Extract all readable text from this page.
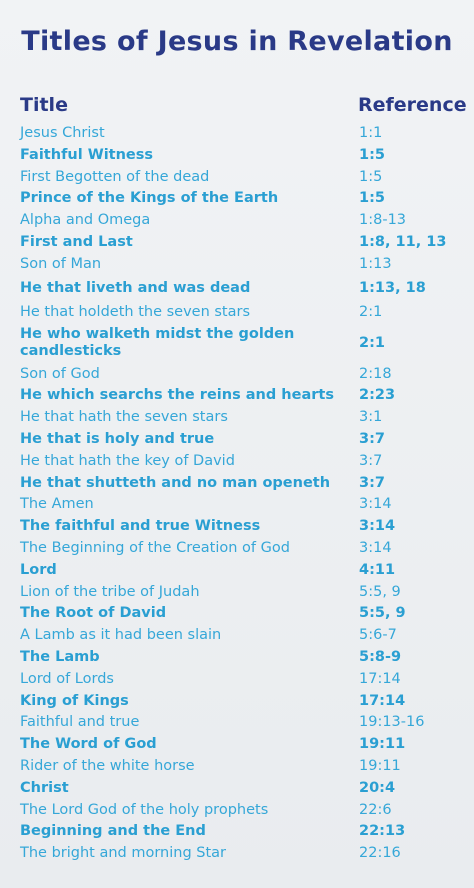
Titles of Jesus in Revelation
Title	Reference
Jesus Christ	1:1
Faithful Witness	1:5
First Begotten of the dead	1:5
Prince of the Kings of the Earth	1:5
Alpha and Omega	1:8-13
First and Last	1:8, 11, 13
Son of Man	1:13
He that liveth and was dead	1:13, 18
He that holdeth the seven stars	2:1
He who walketh midst the golden candlesticks	2:1
Son of God	2:18
He which searchs the reins and hearts 2:23
He that hath the seven stars	3:1
He that is holy and true	3:7
He that hath the key of David	3:7
He that shutteth and no man openeth	3:7
The Amen	3:14
The faithful and true Witness	3:14
The Beginning of the Creation of God	3:14
Lord	4:11
Lion of the tribe of Judah	5:5, 9
The Root of David	5:5, 9
A Lamb as it had been slain	5:6-7
The Lamb	5:8-9
Lord of Lords	17:14
King of Kings	17:14
Faithful and true	19:13-16
The Word of God	19:11
Rider of the white horse	19:11
Christ	20:4
The Lord God of the holy prophets	22:6
Beginning and the End	22:13
The bright and morning Star	22:16
